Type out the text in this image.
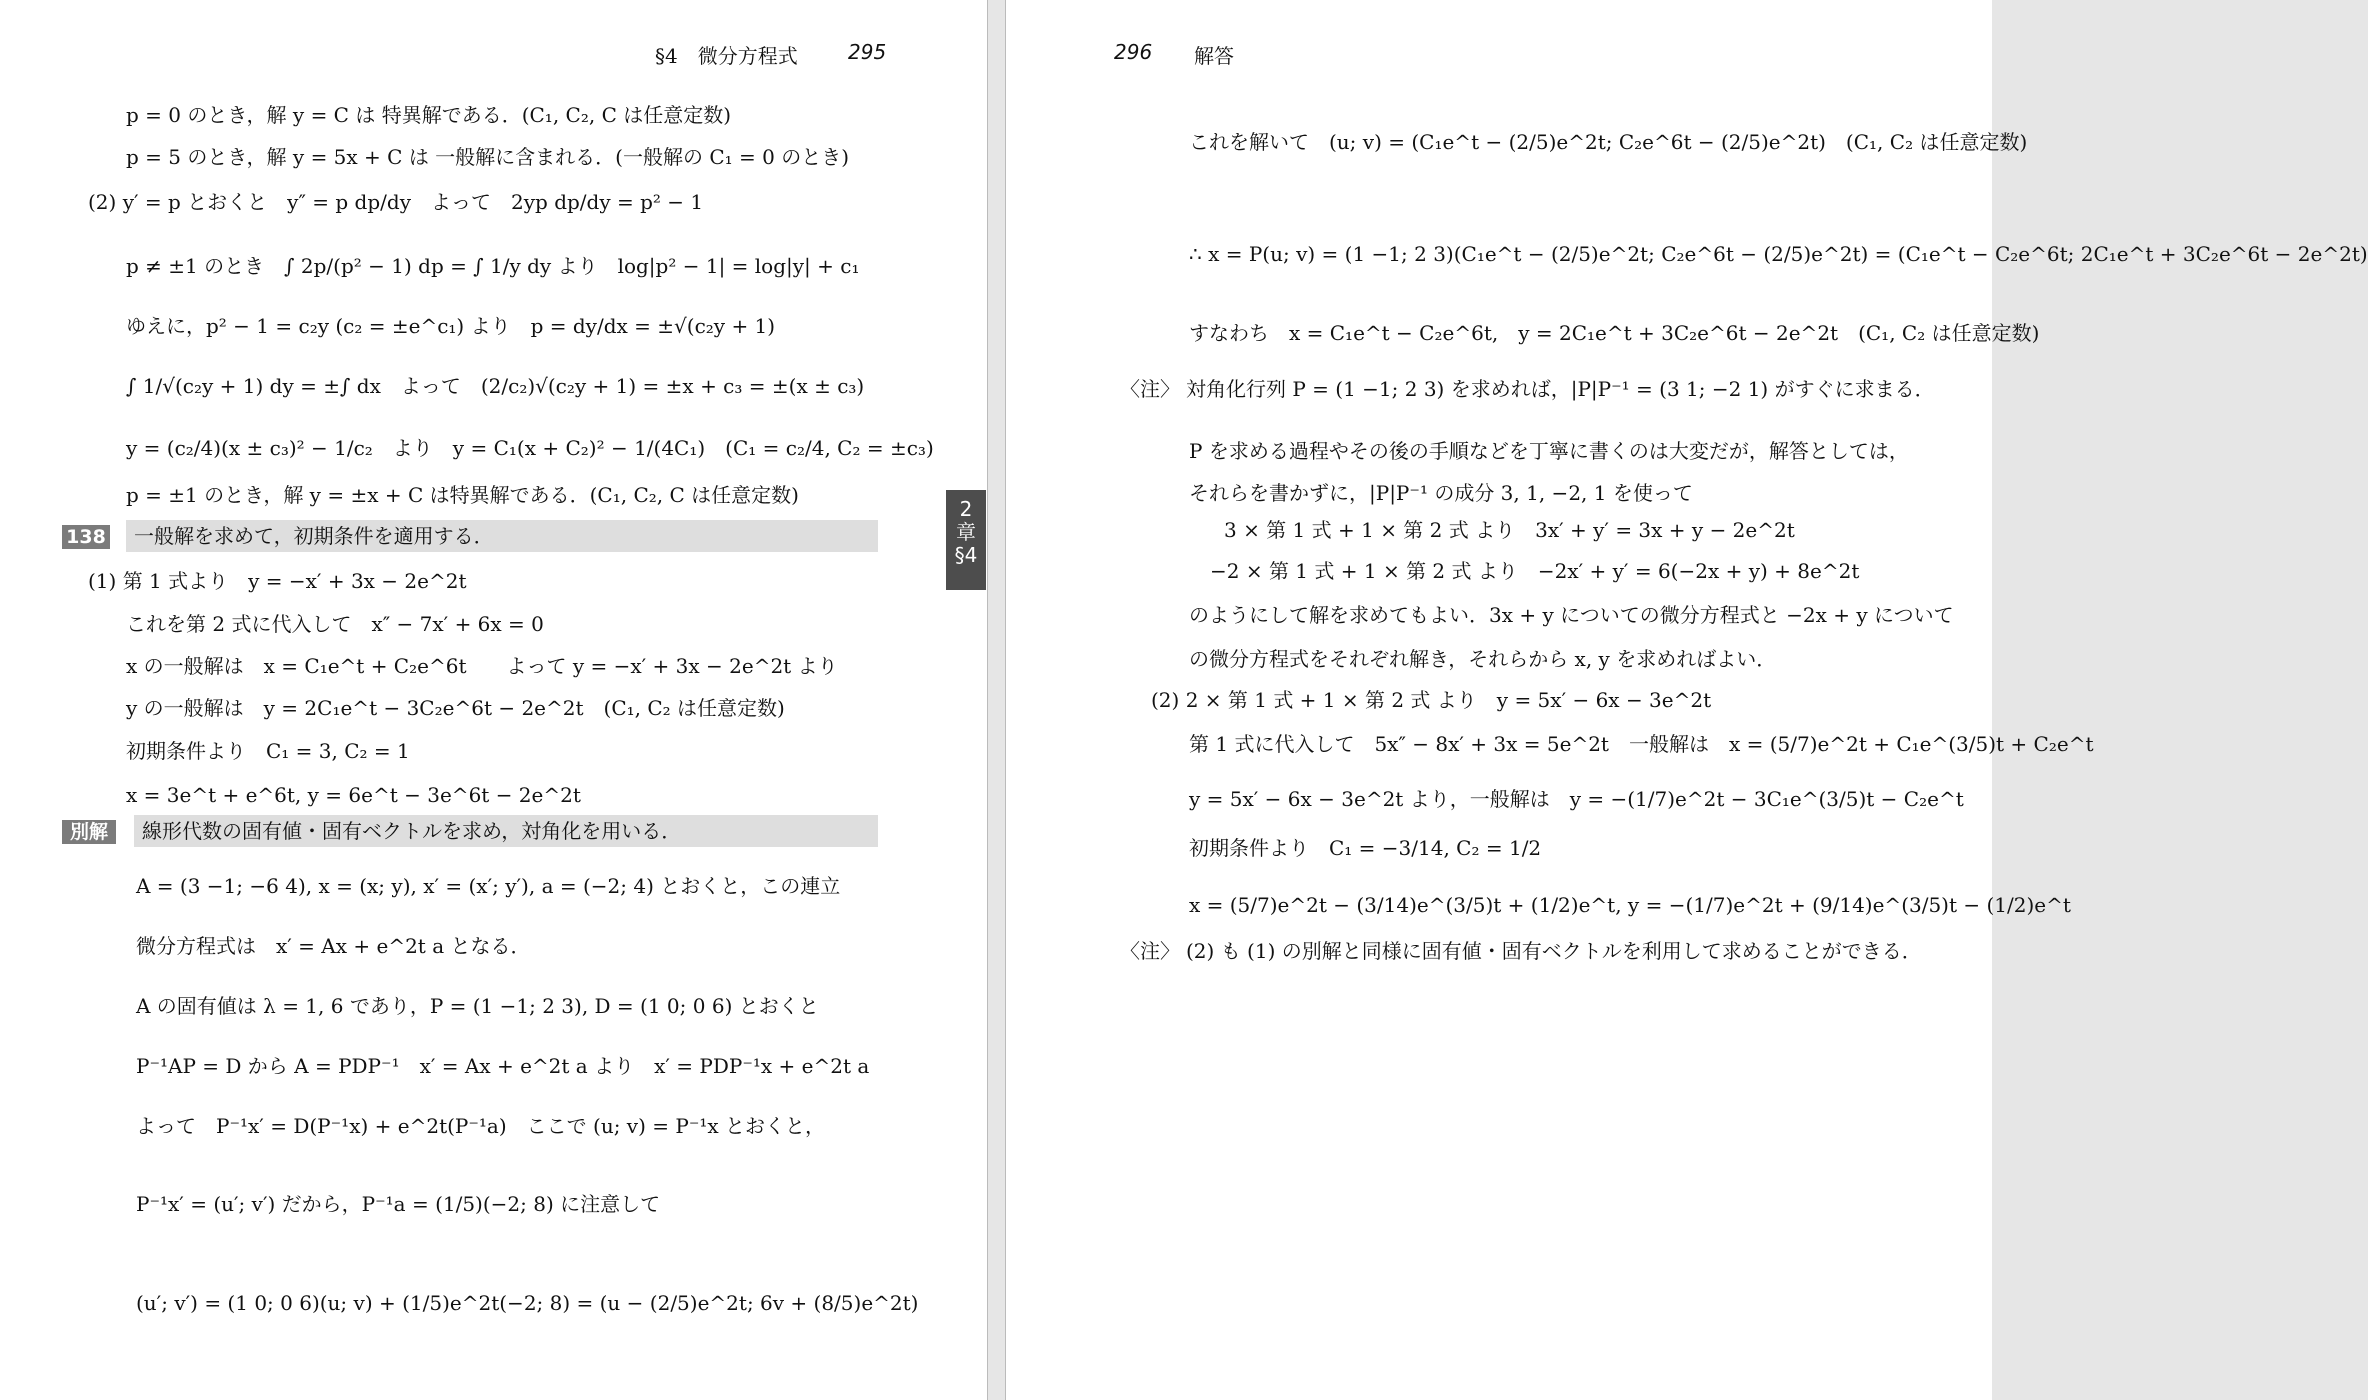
§4　微分方程式	295
p = 0 のとき，解 y = C は 特異解である．(C₁, C₂, C は任意定数)
p = 5 のとき，解 y = 5x + C は 一般解に含まれる．(一般解の C₁ = 0 のとき)
(2) y′ = p とおくと　y″ = p dp/dy　よって　2yp dp/dy = p² − 1
p ≠ ±1 のとき　∫ 2p/(p² − 1) dp = ∫ 1/y dy より　log|p² − 1| = log|y| + c₁
ゆえに，p² − 1 = c₂y (c₂ = ±e^c₁) より　p = dy/dx = ±√(c₂y + 1)
∫ 1/√(c₂y + 1) dy = ±∫ dx　よって　(2/c₂)√(c₂y + 1) = ±x + c₃ = ±(x ± c₃)
y = (c₂/4)(x ± c₃)² − 1/c₂　より　y = C₁(x + C₂)² − 1/(4C₁)　(C₁ = c₂/4, C₂ = ±c₃)
p = ±1 のとき，解 y = ±x + C は特異解である．(C₁, C₂, C は任意定数)
138 一般解を求めて，初期条件を適用する．
(1) 第 1 式より　y = −x′ + 3x − 2e^2t
これを第 2 式に代入して　x″ − 7x′ + 6x = 0
x の一般解は　x = C₁e^t + C₂e^6t　　よって y = −x′ + 3x − 2e^2t より
y の一般解は　y = 2C₁e^t − 3C₂e^6t − 2e^2t　(C₁, C₂ は任意定数)
初期条件より　C₁ = 3, C₂ = 1
x = 3e^t + e^6t, y = 6e^t − 3e^6t − 2e^2t
別解	線形代数の固有値・固有ベクトルを求め，対角化を用いる．
A = (3 −1; −6 4), x = (x; y), x′ = (x′; y′), a = (−2; 4) とおくと，この連立
微分方程式は　x′ = Ax + e^2t a となる．
A の固有値は λ = 1, 6 であり，P = (1 −1; 2 3), D = (1 0; 0 6) とおくと
P⁻¹AP = D から A = PDP⁻¹　x′ = Ax + e^2t a より　x′ = PDP⁻¹x + e^2t a
よって　P⁻¹x′ = D(P⁻¹x) + e^2t(P⁻¹a)　ここで (u; v) = P⁻¹x とおくと，
P⁻¹x′ = (u′; v′) だから，P⁻¹a = (1/5)(−2; 8) に注意して
(u′; v′) = (1 0; 0 6)(u; v) + (1/5)e^2t(−2; 8) = (u − (2/5)e^2t; 6v + (8/5)e^2t)
2
章
§4
296 解答
これを解いて　(u; v) = (C₁e^t − (2/5)e^2t; C₂e^6t − (2/5)e^2t)　(C₁, C₂ は任意定数)
∴ x = P(u; v) = (1 −1; 2 3)(C₁e^t − (2/5)e^2t; C₂e^6t − (2/5)e^2t) = (C₁e^t − C₂e^6t; 2C₁e^t + 3C₂e^6t − 2e^2t)
すなわち　x = C₁e^t − C₂e^6t,　y = 2C₁e^t + 3C₂e^6t − 2e^2t　(C₁, C₂ は任意定数)
〈注〉 対角化行列 P = (1 −1; 2 3) を求めれば，|P|P⁻¹ = (3 1; −2 1) がすぐに求まる．
P を求める過程やその後の手順などを丁寧に書くのは大変だが，解答としては，
それらを書かずに，|P|P⁻¹ の成分 3, 1, −2, 1 を使って
3 × 第 1 式 + 1 × 第 2 式 より　3x′ + y′ = 3x + y − 2e^2t
−2 × 第 1 式 + 1 × 第 2 式 より　−2x′ + y′ = 6(−2x + y) + 8e^2t
のようにして解を求めてもよい．3x + y についての微分方程式と −2x + y について
の微分方程式をそれぞれ解き，それらから x, y を求めればよい．
(2) 2 × 第 1 式 + 1 × 第 2 式 より　y = 5x′ − 6x − 3e^2t
第 1 式に代入して　5x″ − 8x′ + 3x = 5e^2t　一般解は　x = (5/7)e^2t + C₁e^(3/5)t + C₂e^t
y = 5x′ − 6x − 3e^2t より，一般解は　y = −(1/7)e^2t − 3C₁e^(3/5)t − C₂e^t
初期条件より　C₁ = −3/14, C₂ = 1/2
x = (5/7)e^2t − (3/14)e^(3/5)t + (1/2)e^t, y = −(1/7)e^2t + (9/14)e^(3/5)t − (1/2)e^t
〈注〉 (2) も (1) の別解と同様に固有値・固有ベクトルを利用して求めることができる．
